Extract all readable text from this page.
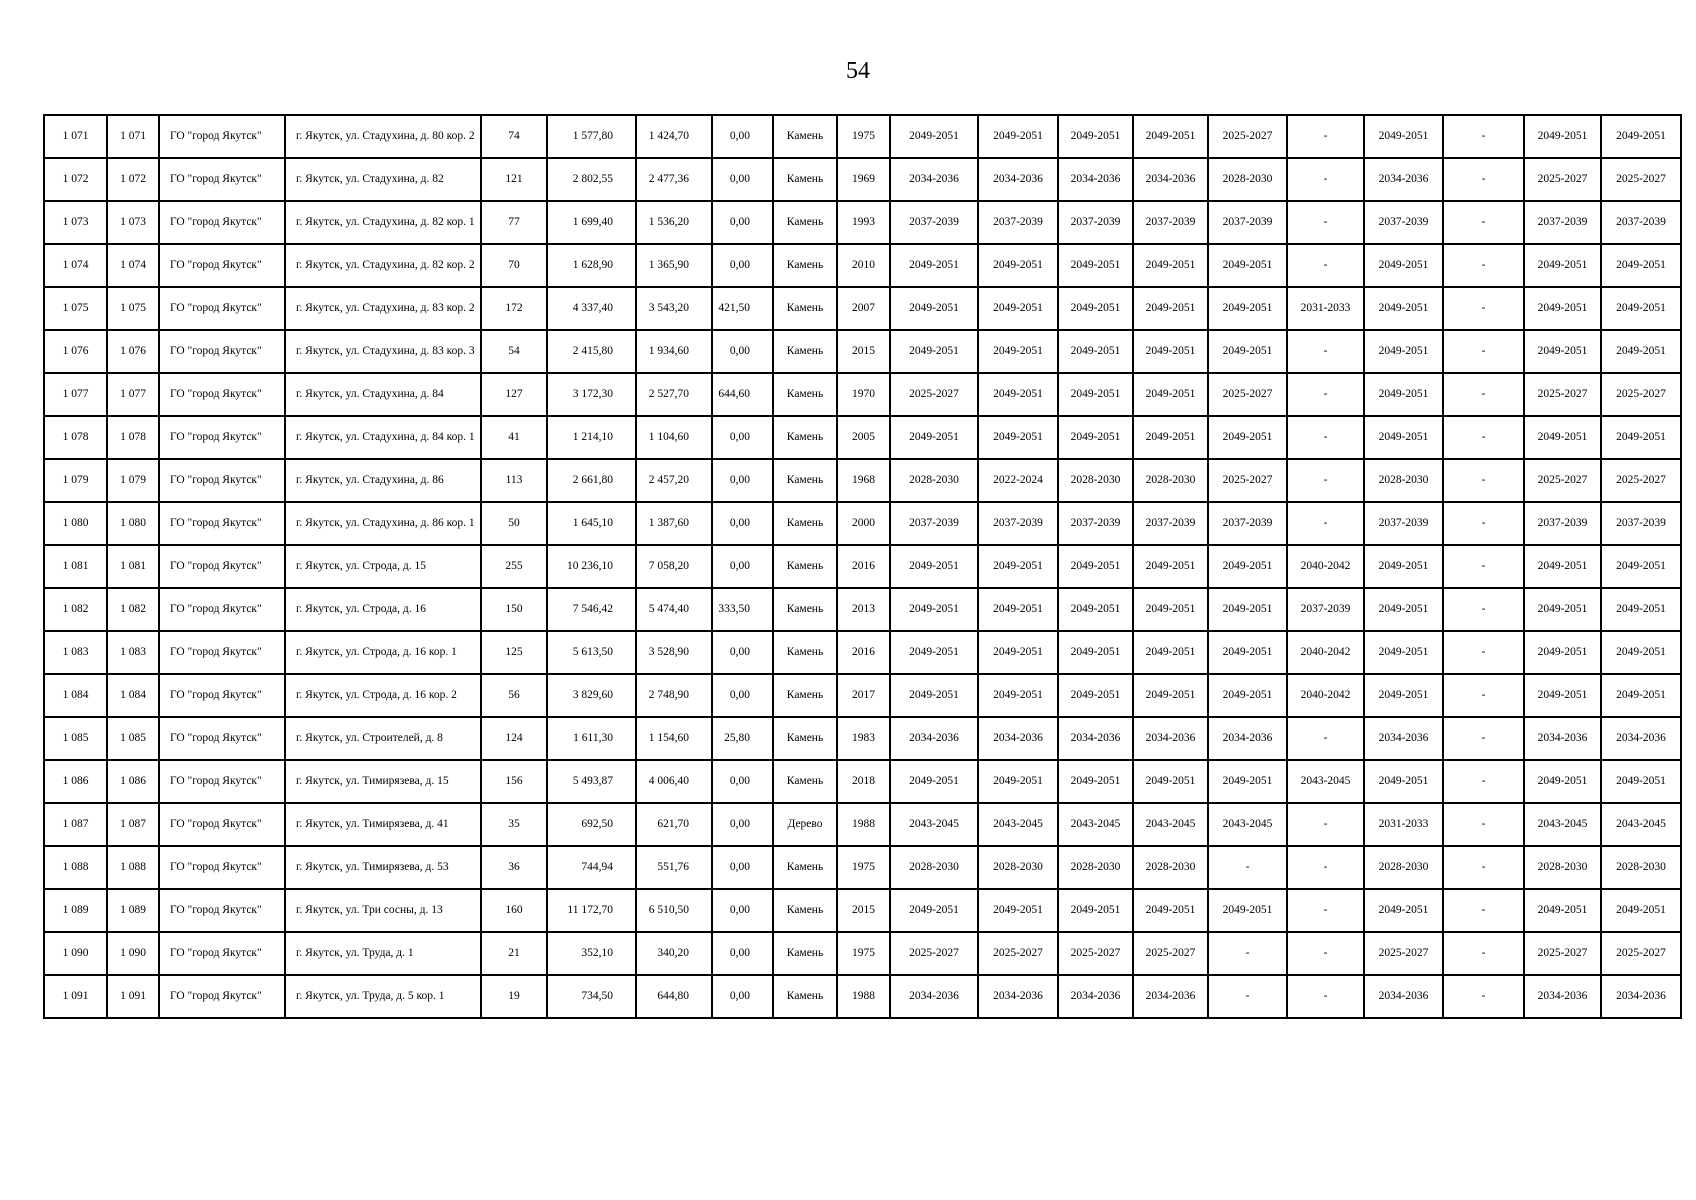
54
1 071	1 071	ГО "город Якутск"	г. Якутск, ул. Стадухина, д. 80 кор. 2	74	1 577,80	1 424,70	0,00	Камень	1975	2049-2051	2049-2051	2049-2051	2049-2051	2025-2027	-	2049-2051	-	2049-2051	2049-2051
1 072	1 072	ГО "город Якутск"	г. Якутск, ул. Стадухина, д. 82	121	2 802,55	2 477,36	0,00	Камень	1969	2034-2036	2034-2036	2034-2036	2034-2036	2028-2030	-	2034-2036	-	2025-2027	2025-2027
1 073	1 073	ГО "город Якутск"	г. Якутск, ул. Стадухина, д. 82 кор. 1	77	1 699,40	1 536,20	0,00	Камень	1993	2037-2039	2037-2039	2037-2039	2037-2039	2037-2039	-	2037-2039	-	2037-2039	2037-2039
1 074	1 074	ГО "город Якутск"	г. Якутск, ул. Стадухина, д. 82 кор. 2	70	1 628,90	1 365,90	0,00	Камень	2010	2049-2051	2049-2051	2049-2051	2049-2051	2049-2051	-	2049-2051	-	2049-2051	2049-2051
1 075	1 075	ГО "город Якутск"	г. Якутск, ул. Стадухина, д. 83 кор. 2	172	4 337,40	3 543,20	421,50	Камень	2007	2049-2051	2049-2051	2049-2051	2049-2051	2049-2051	2031-2033	2049-2051	-	2049-2051	2049-2051
1 076	1 076	ГО "город Якутск"	г. Якутск, ул. Стадухина, д. 83 кор. 3	54	2 415,80	1 934,60	0,00	Камень	2015	2049-2051	2049-2051	2049-2051	2049-2051	2049-2051	-	2049-2051	-	2049-2051	2049-2051
1 077	1 077	ГО "город Якутск"	г. Якутск, ул. Стадухина, д. 84	127	3 172,30	2 527,70	644,60	Камень	1970	2025-2027	2049-2051	2049-2051	2049-2051	2025-2027	-	2049-2051	-	2025-2027	2025-2027
1 078	1 078	ГО "город Якутск"	г. Якутск, ул. Стадухина, д. 84 кор. 1	41	1 214,10	1 104,60	0,00	Камень	2005	2049-2051	2049-2051	2049-2051	2049-2051	2049-2051	-	2049-2051	-	2049-2051	2049-2051
1 079	1 079	ГО "город Якутск"	г. Якутск, ул. Стадухина, д. 86	113	2 661,80	2 457,20	0,00	Камень	1968	2028-2030	2022-2024	2028-2030	2028-2030	2025-2027	-	2028-2030	-	2025-2027	2025-2027
1 080	1 080	ГО "город Якутск"	г. Якутск, ул. Стадухина, д. 86 кор. 1	50	1 645,10	1 387,60	0,00	Камень	2000	2037-2039	2037-2039	2037-2039	2037-2039	2037-2039	-	2037-2039	-	2037-2039	2037-2039
1 081	1 081	ГО "город Якутск"	г. Якутск, ул. Строда, д. 15	255	10 236,10	7 058,20	0,00	Камень	2016	2049-2051	2049-2051	2049-2051	2049-2051	2049-2051	2040-2042	2049-2051	-	2049-2051	2049-2051
1 082	1 082	ГО "город Якутск"	г. Якутск, ул. Строда, д. 16	150	7 546,42	5 474,40	333,50	Камень	2013	2049-2051	2049-2051	2049-2051	2049-2051	2049-2051	2037-2039	2049-2051	-	2049-2051	2049-2051
1 083	1 083	ГО "город Якутск"	г. Якутск, ул. Строда, д. 16 кор. 1	125	5 613,50	3 528,90	0,00	Камень	2016	2049-2051	2049-2051	2049-2051	2049-2051	2049-2051	2040-2042	2049-2051	-	2049-2051	2049-2051
1 084	1 084	ГО "город Якутск"	г. Якутск, ул. Строда, д. 16 кор. 2	56	3 829,60	2 748,90	0,00	Камень	2017	2049-2051	2049-2051	2049-2051	2049-2051	2049-2051	2040-2042	2049-2051	-	2049-2051	2049-2051
1 085	1 085	ГО "город Якутск"	г. Якутск, ул. Строителей, д. 8	124	1 611,30	1 154,60	25,80	Камень	1983	2034-2036	2034-2036	2034-2036	2034-2036	2034-2036	-	2034-2036	-	2034-2036	2034-2036
1 086	1 086	ГО "город Якутск"	г. Якутск, ул. Тимирязева, д. 15	156	5 493,87	4 006,40	0,00	Камень	2018	2049-2051	2049-2051	2049-2051	2049-2051	2049-2051	2043-2045	2049-2051	-	2049-2051	2049-2051
1 087	1 087	ГО "город Якутск"	г. Якутск, ул. Тимирязева, д. 41	35	692,50	621,70	0,00	Дерево	1988	2043-2045	2043-2045	2043-2045	2043-2045	2043-2045	-	2031-2033	-	2043-2045	2043-2045
1 088	1 088	ГО "город Якутск"	г. Якутск, ул. Тимирязева, д. 53	36	744,94	551,76	0,00	Камень	1975	2028-2030	2028-2030	2028-2030	2028-2030	-	-	2028-2030	-	2028-2030	2028-2030
1 089	1 089	ГО "город Якутск"	г. Якутск, ул. Три сосны, д. 13	160	11 172,70	6 510,50	0,00	Камень	2015	2049-2051	2049-2051	2049-2051	2049-2051	2049-2051	-	2049-2051	-	2049-2051	2049-2051
1 090	1 090	ГО "город Якутск"	г. Якутск, ул. Труда, д. 1	21	352,10	340,20	0,00	Камень	1975	2025-2027	2025-2027	2025-2027	2025-2027	-	-	2025-2027	-	2025-2027	2025-2027
1 091	1 091	ГО "город Якутск"	г. Якутск, ул. Труда, д. 5 кор. 1	19	734,50	644,80	0,00	Камень	1988	2034-2036	2034-2036	2034-2036	2034-2036	-	-	2034-2036	-	2034-2036	2034-2036
